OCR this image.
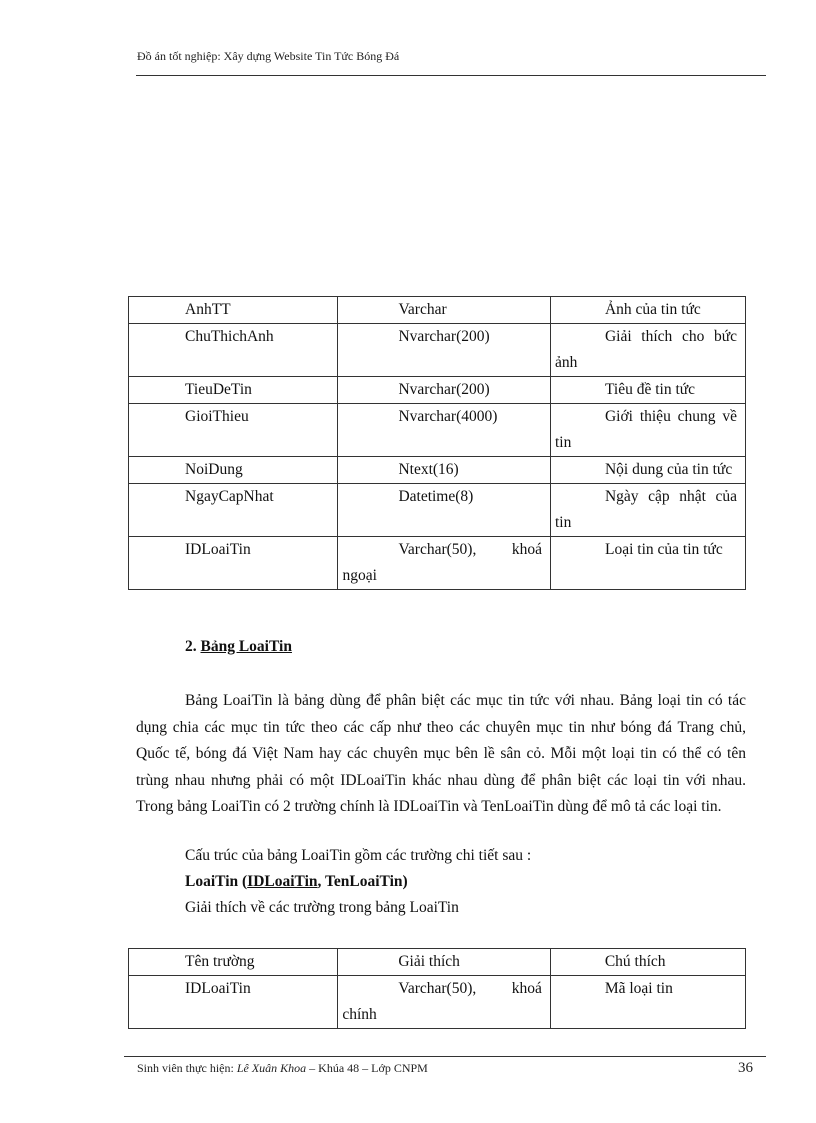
Đồ án tốt nghiệp: Xây dựng Website Tin Tức Bóng Đá
AnhTT	Varchar	Ảnh của tin tức

ChuThichAnh	Nvarchar(200)	Giải thích cho bức ảnh

TieuDeTin	Nvarchar(200)	Tiêu đề tin tức

GioiThieu	Nvarchar(4000)	Giới thiệu chung về tin

NoiDung	Ntext(16)	Nội dung của tin tức

NgayCapNhat	Datetime(8)	Ngày cập nhật của tin

IDLoaiTin	Varchar(50), khoá ngoại	Loại tin của tin tức
2. Bảng LoaiTin

Bảng LoaiTin là bảng dùng để phân biệt các mục tin tức với nhau. Bảng loại tin có tác dụng chia các mục tin tức theo các cấp như theo các chuyên mục tin như bóng đá Trang chủ, Quốc tế, bóng đá Việt Nam hay các chuyên mục bên lề sân cỏ. Mỗi một loại tin có thể có tên trùng nhau nhưng phải có một IDLoaiTin khác nhau dùng để phân biệt các loại tin với nhau. Trong bảng LoaiTin có 2 trường chính là IDLoaiTin và TenLoaiTin dùng để mô tả các loại tin.

Cấu trúc của bảng LoaiTin gồm các trường chi tiết sau :

LoaiTin (IDLoaiTin, TenLoaiTin)

Giải thích về các trường trong bảng LoaiTin

Tên trường	Giải thích	Chú thích

IDLoaiTin	Varchar(50), khoá chính	Mã loại tin
Sinh viên thực hiện: Lê Xuân Khoa – Khúa 48 – Lớp CNPM	36
